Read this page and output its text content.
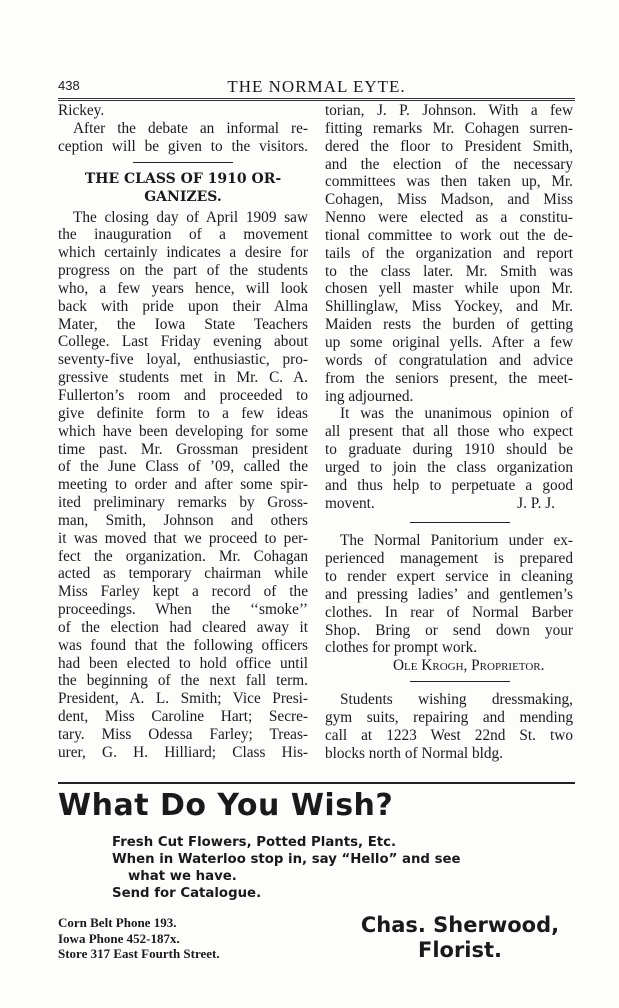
438	THE NORMAL EYTE.
Rickey.
After the debate an informal re-
ception will be given to the visitors.
THE CLASS OF 1910 OR-
GANIZES.
The closing day of April 1909 saw
the inauguration of a movement
which certainly indicates a desire for
progress on the part of the students
who, a few years hence, will look
back with pride upon their Alma
Mater, the Iowa State Teachers
College. Last Friday evening about
seventy-five loyal, enthusiastic, pro-
gressive students met in Mr. C. A.
Fullerton’s room and proceeded to
give definite form to a few ideas
which have been developing for some
time past. Mr. Grossman president
of the June Class of ’09, called the
meeting to order and after some spir-
ited preliminary remarks by Gross-
man, Smith, Johnson and others
it was moved that we proceed to per-
fect the organization. Mr. Cohagan
acted as temporary chairman while
Miss Farley kept a record of the
proceedings. When the ‘‘smoke’’
of the election had cleared away it
was found that the following officers
had been elected to hold office until
the beginning of the next fall term.
President, A. L. Smith; Vice Presi-
dent, Miss Caroline Hart; Secre-
tary. Miss Odessa Farley; Treas-
urer, G. H. Hilliard; Class His-
torian, J. P. Johnson. With a few
fitting remarks Mr. Cohagen surren-
dered the floor to President Smith,
and the election of the necessary
committees was then taken up, Mr.
Cohagen, Miss Madson, and Miss
Nenno were elected as a constitu-
tional committee to work out the de-
tails of the organization and report
to the class later. Mr. Smith was
chosen yell master while upon Mr.
Shillinglaw, Miss Yockey, and Mr.
Maiden rests the burden of getting
up some original yells. After a few
words of congratulation and advice
from the seniors present, the meet-
ing adjourned.
It was the unanimous opinion of
all present that all those who expect
to graduate during 1910 should be
urged to join the class organization
and thus help to perpetuate a good
movent.	J. P. J.
The Normal Panitorium under ex-
perienced management is prepared
to render expert service in cleaning
and pressing ladies’ and gentlemen’s
clothes. In rear of Normal Barber
Shop. Bring or send down your
clothes for prompt work.
Ole Krogh, Proprietor.
Students wishing dressmaking,
gym suits, repairing and mending
call at 1223 West 22nd St. two
blocks north of Normal bldg.
What Do You Wish?
Fresh Cut Flowers, Potted Plants, Etc.
When in Waterloo stop in, say “Hello” and see
what we have.
Send for Catalogue.
Corn Belt Phone 193.
Iowa Phone 452-187x.
Store 317 East Fourth Street.
Chas. Sherwood,
Florist.
